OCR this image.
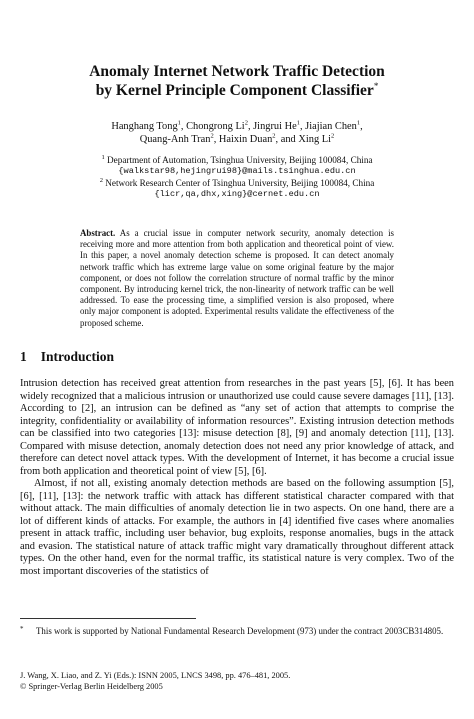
Anomaly Internet Network Traffic Detection
by Kernel Principle Component Classifier*
Hanghang Tong$^1$, Chongrong Li$^2$, Jingrui He$^1$, Jiajian Chen$^1$,
Quang-Anh Tran$^2$, Haixin Duan$^2$, and Xing Li$^2$
$^1$ Department of Automation, Tsinghua University, Beijing 100084, China
{walkstar98,hejingrui98}@mails.tsinghua.edu.cn
$^2$ Network Research Center of Tsinghua University, Beijing 100084, China
{licr,qa,dhx,xing}@cernet.edu.cn
Abstract. As a crucial issue in computer network security, anomaly detection is receiving more and more attention from both application and theoretical point of view. In this paper, a novel anomaly detection scheme is proposed. It can detect anomaly network traffic which has extreme large value on some original feature by the major component, or does not follow the correlation structure of normal traffic by the minor component. By introducing kernel trick, the non-linearity of network traffic can be well addressed. To ease the processing time, a simplified version is also proposed, where only major component is adopted. Experimental results validate the effectiveness of the proposed scheme.
1 Introduction

Intrusion detection has received great attention from researches in the past years [5], [6]. It has been widely recognized that a malicious intrusion or unauthorized use could cause severe damages [11], [13]. According to [2], an intrusion can be defined as “any set of action that attempts to comprise the integrity, confidentiality or availability of information resources”. Existing intrusion detection methods can be classified into two categories [13]: misuse detection [8], [9] and anomaly detection [11], [13]. Compared with misuse detection, anomaly detection does not need any prior knowledge of attack, and therefore can detect novel attack types. With the development of Internet, it has become a crucial issue from both application and theoretical point of view [5], [6].

Almost, if not all, existing anomaly detection methods are based on the following assumption [5], [6], [11], [13]: the network traffic with attack has different statistical character compared with that without attack. The main difficulties of anomaly detection lie in two aspects. On one hand, there are a lot of different kinds of attacks. For example, the authors in [4] identified five cases where anomalies present in attack traffic, including user behavior, bug exploits, response anomalies, bugs in the attack and evasion. The statistical nature of attack traffic might vary dramatically throughout different attack types. On the other hand, even for the normal traffic, its statistical nature is very complex. Two of the most important discoveries of the statistics of

* This work is supported by National Fundamental Research Development (973) under the contract 2003CB314805.
J. Wang, X. Liao, and Z. Yi (Eds.): ISNN 2005, LNCS 3498, pp. 476–481, 2005.
© Springer-Verlag Berlin Heidelberg 2005
